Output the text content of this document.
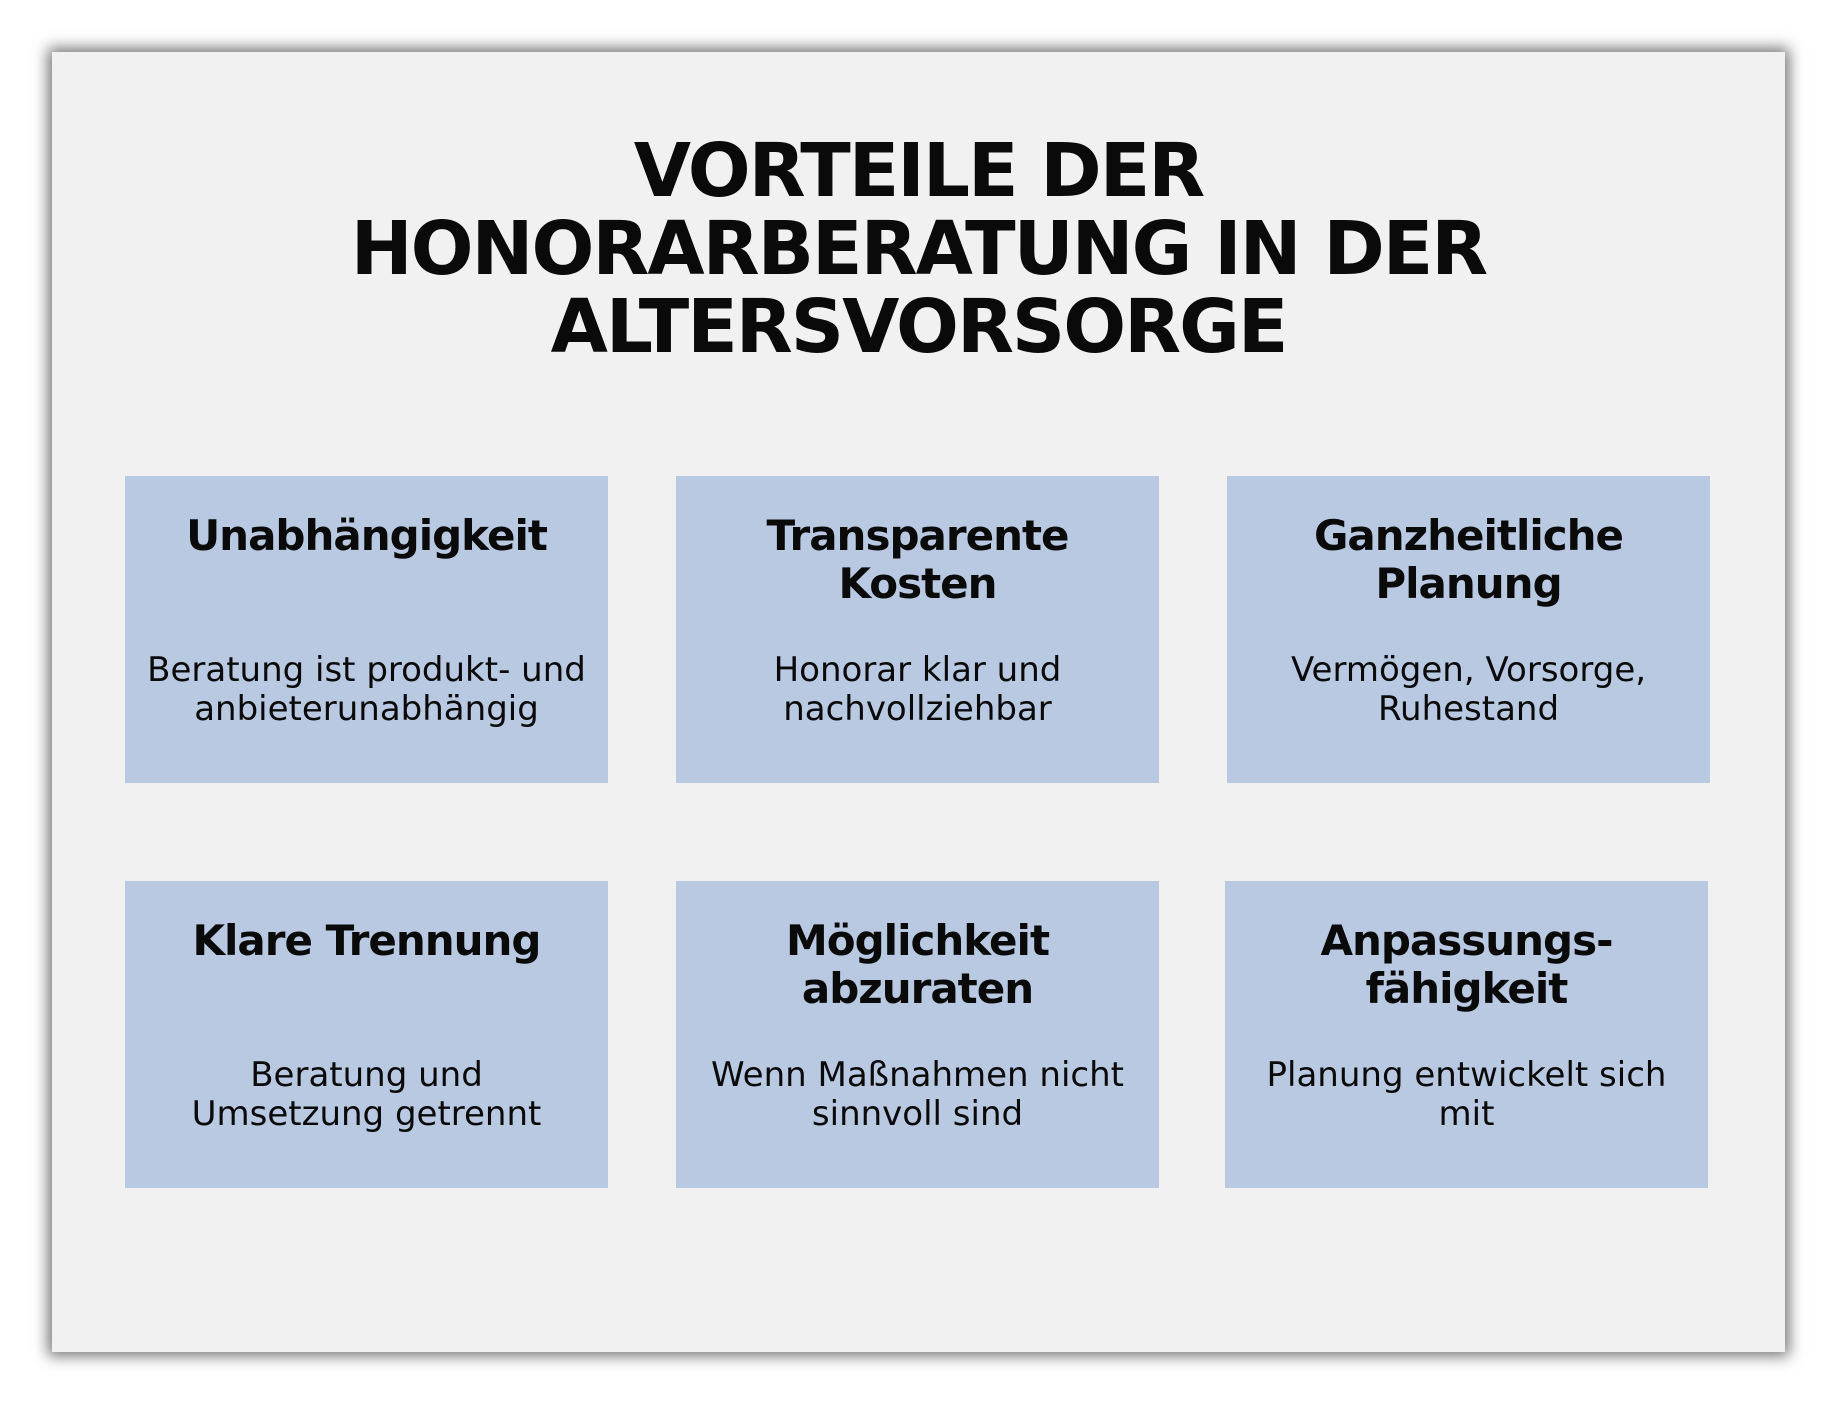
VORTEILE DER
HONORARBERATUNG IN DER
ALTERSVORSORGE
Unabhängigkeit
Beratung ist produkt- und
anbieterunabhängig
Transparente
Kosten
Honorar klar und
nachvollziehbar
Ganzheitliche
Planung
Vermögen, Vorsorge,
Ruhestand
Klare Trennung
Beratung und
Umsetzung getrennt
Möglichkeit
abzuraten
Wenn Maßnahmen nicht
sinnvoll sind
Anpassungs-
fähigkeit
Planung entwickelt sich
mit
